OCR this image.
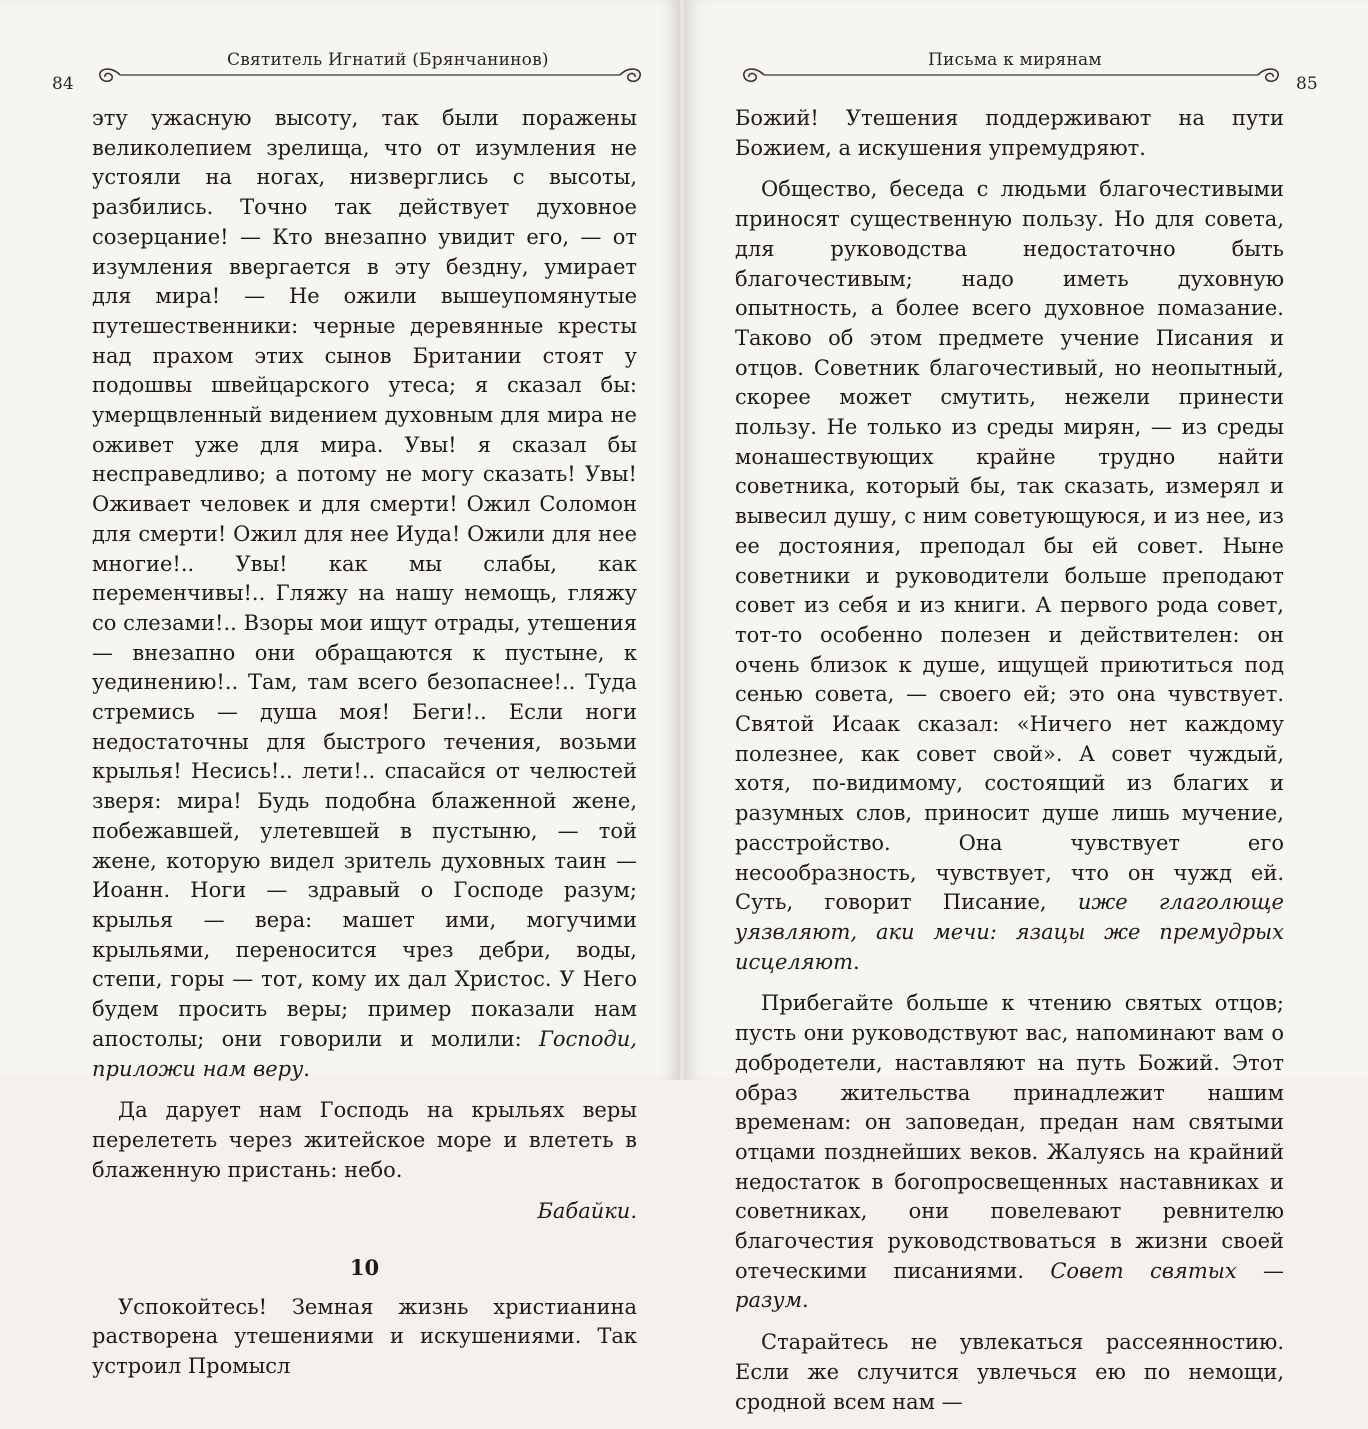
Святитель Игнатий (Брянчанинов)
84

эту ужасную высоту, так были поражены великолепием зрелища, что от изумления не устояли на ногах, низверглись с высоты, разбились. Точно так действует духовное созерцание! — Кто внезапно увидит его, — от изумления ввергается в эту бездну, умирает для мира! — Не ожили вышеупомянутые путешественники: черные деревянные кресты над прахом этих сынов Британии стоят у подошвы швейцарского утеса; я сказал бы: умерщвленный видением духовным для мира не оживет уже для мира. Увы! я сказал бы несправедливо; а потому не могу сказать! Увы! Оживает человек и для смерти! Ожил Соломон для смерти! Ожил для нее Иуда! Ожили для нее многие!.. Увы! как мы слабы, как переменчивы!.. Гляжу на нашу немощь, гляжу со слезами!.. Взоры мои ищут отрады, утешения — внезапно они обращаются к пустыне, к уединению!.. Там, там всего безопаснее!.. Туда стремись — душа моя! Беги!.. Если ноги недостаточны для быстрого течения, возьми крылья! Несись!.. лети!.. спасайся от челюстей зверя: мира! Будь подобна блаженной жене, побежавшей, улетевшей в пустыню, — той жене, которую видел зритель духовных таин — Иоанн. Ноги — здравый о Господе разум; крылья — вера: машет ими, могучими крыльями, переносится чрез дебри, воды, степи, горы — тот, кому их дал Христос. У Него будем просить веры; пример показали нам апостолы; они говорили и молили: Господи, приложи нам веру.

Да дарует нам Господь на крыльях веры перелететь через житейское море и влететь в блаженную пристань: небо.

Бабайки.

10

Успокойтесь! Земная жизнь христианина растворена утешениями и искушениями. Так устроил Промысл

Письма к мирянам
85

Божий! Утешения поддерживают на пути Божием, а искушения упремудряют.

Общество, беседа с людьми благочестивыми приносят существенную пользу. Но для совета, для руководства недостаточно быть благочестивым; надо иметь духовную опытность, а более всего духовное помазание. Таково об этом предмете учение Писания и отцов. Советник благочестивый, но неопытный, скорее может смутить, нежели принести пользу. Не только из среды мирян, — из среды монашествующих крайне трудно найти советника, который бы, так сказать, измерял и вывесил душу, с ним советующуюся, и из нее, из ее достояния, преподал бы ей совет. Ныне советники и руководители больше преподают совет из себя и из книги. А первого рода совет, тот-то особенно полезен и действителен: он очень близок к душе, ищущей приютиться под сенью совета, — своего ей; это она чувствует. Святой Исаак сказал: «Ничего нет каждому полезнее, как совет свой». А совет чуждый, хотя, по-видимому, состоящий из благих и разумных слов, приносит душе лишь мучение, расстройство. Она чувствует его несообразность, чувствует, что он чужд ей. Суть, говорит Писание, иже глаголюще уязвляют, аки мечи: язацы же премудрых исцеляют.

Прибегайте больше к чтению святых отцов; пусть они руководствуют вас, напоминают вам о добродетели, наставляют на путь Божий. Этот образ жительства принадлежит нашим временам: он заповедан, предан нам святыми отцами позднейших веков. Жалуясь на крайний недостаток в богопросвещенных наставниках и советниках, они повелевают ревнителю благочестия руководствоваться в жизни своей отеческими писаниями. Совет святых — разум.

Старайтесь не увлекаться рассеянностию. Если же случится увлечься ею по немощи, сродной всем нам —
